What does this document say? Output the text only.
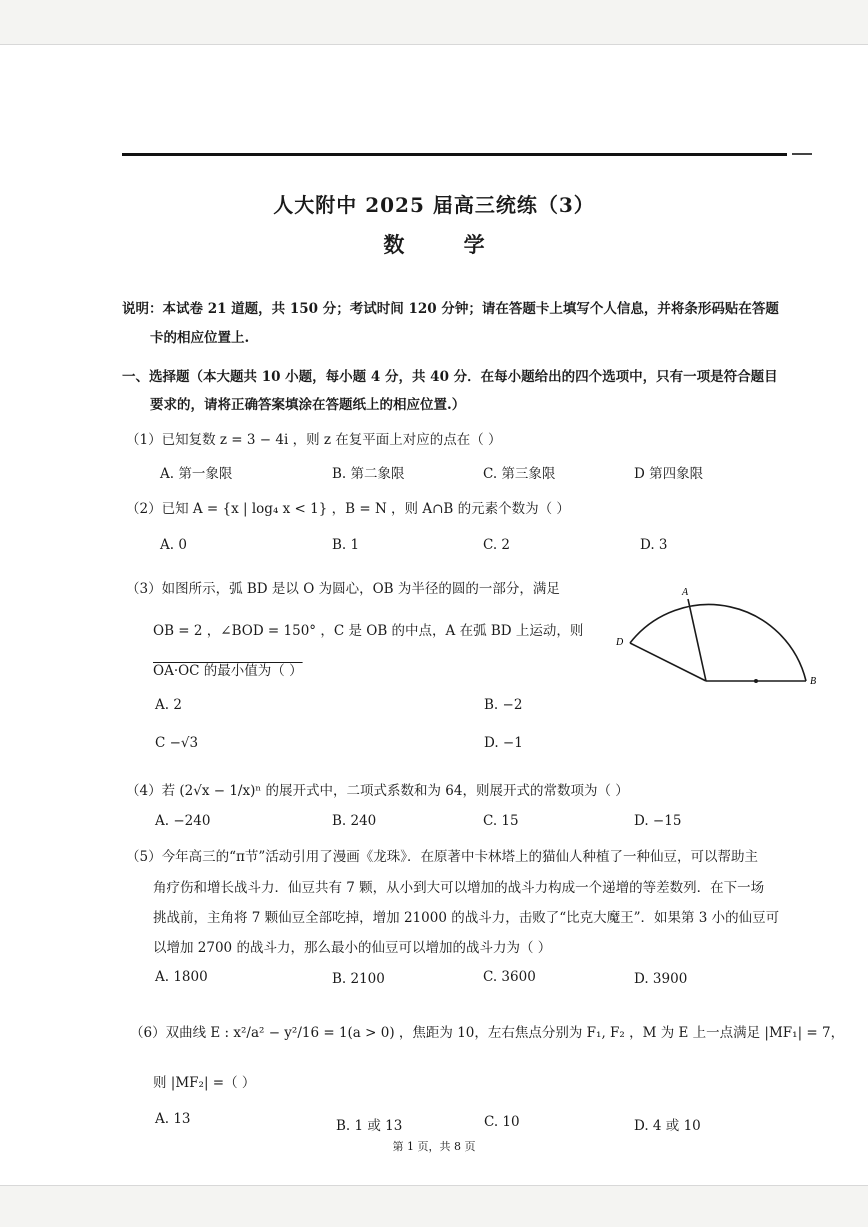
人大附中 2025 届高三统练（3）
数 学
说明：本试卷 21 道题，共 150 分；考试时间 120 分钟；请在答题卡上填写个人信息，并将条形码贴在答题
卡的相应位置上.
一、选择题（本大题共 10 小题，每小题 4 分，共 40 分．在每小题给出的四个选项中，只有一项是符合题目
要求的，请将正确答案填涂在答题纸上的相应位置.）
（1）已知复数 z = 3 − 4i ，则 z 在复平面上对应的点在（ ）
A. 第一象限	B. 第二象限	C. 第三象限	D 第四象限
（2）已知 A = {x | log₄ x < 1} ，B = N ，则 A∩B 的元素个数为（ ）
A. 0	B. 1	C. 2	D. 3
（3）如图所示，弧 BD 是以 O 为圆心，OB 为半径的圆的一部分，满足
OB = 2 ，∠BOD = 150° ，C 是 OB 的中点，A 在弧 BD 上运动，则
OA·OC 的最小值为（ ）
A. 2	B. −2
C −√3	D. −1
A
D
B
（4）若 (2√x − 1/x)ⁿ 的展开式中，二项式系数和为 64，则展开式的常数项为（ ）
A. −240	B. 240	C. 15	D. −15
（5）今年高三的“π节”活动引用了漫画《龙珠》．在原著中卡林塔上的猫仙人种植了一种仙豆，可以帮助主
角疗伤和增长战斗力．仙豆共有 7 颗，从小到大可以增加的战斗力构成一个递增的等差数列．在下一场
挑战前，主角将 7 颗仙豆全部吃掉，增加 21000 的战斗力，击败了“比克大魔王”．如果第 3 小的仙豆可
以增加 2700 的战斗力，那么最小的仙豆可以增加的战斗力为（ ）
A. 1800	B. 2100	C. 3600	D. 3900
（6）双曲线 E : x²/a² − y²/16 = 1(a > 0) ，焦距为 10，左右焦点分别为 F₁, F₂ ，M 为 E 上一点满足 |MF₁| = 7，
则 |MF₂| =（ ）
A. 13	B. 1 或 13	C. 10	D. 4 或 10
第 1 页，共 8 页
